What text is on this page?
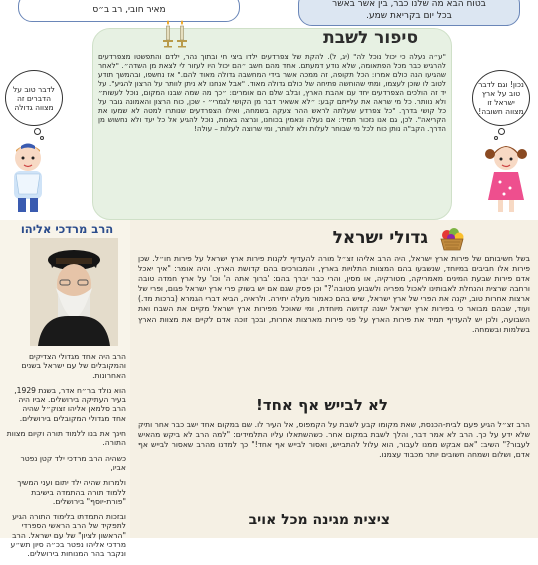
מאיר חובי, רב ב״ס
בטוח הבא מה שלנו כבר, בין אשר באשר
בכל יום בקריאת שמע.
סיפור לשבת
"ע״ה נעלה כי יכול נוכל לה" (יג, ל). להקת של צפרדעים ילדו ביצי חי ובתוך נהר, ילדם והתפשטו מצפרדעים להרגיש כבר מכל הפתאומה, שלא נודע דמעתם. אחד מהם חשב ״הם יכול היו לעזור לי לצאת מן השדה״. "לאחר שהגיעו הנה כולם אמרו: הכל תקופה, זה ממכה אשר בידי המחשבה גדולה מאוד להם." אז נחשפו, ובהמשך תודע לטוב לו שוכן לעצמו, ומתי שהוחשה פתיחה של כולם גדולה מאוד. "אבל אנחנו לא ניתן לוותר על הרצון להגיע". על יד זה הולכים הצפרדעים יחד עם אהבת הארץ, ובלב שלם הם אומרים: ״כך מה שמה שבנו המקום, נוכל לעשות״ ולא נוותר. כל מי שראה את עלייתם קבע: ״לא אשאיר דבר מן הקושי לגמרי״ - שכן, כוח הרצון והאמונה גובר על כל קושי בדרך. "כל צפרדע שעלתה לראש ההר צעקה בשמחה, ואילו הצפרדעים שנותרו למטה לא שמעו את הקריאה". לכן, גם אנו נזכור תמיד: אם נעלה ונאמין בכוחנו, ונרצה באמת, נוכל להגיע אל כל יעד ולא נחשוש מן הדרך. הקב"ה נותן כוח לכל מי שבוחר לעלות ולא לוותר, ומי שרוצה לעלות – עולה!
לדבר טוב על הדברים זה מצווה גדולה
נכון! וגם לדבר טוב על ארץ ישראל זו מצווה חשובה!
הרב מרדכי אליהו

הרב היה אחד מגדולי הצדיקים והמקובלים של עם ישראל בשנים האחרונות.

הוא נולד בר״ח אדר, בשנת 1929, בעיר העתיקה בירושלים. אביו היה הרב סלמאן אליהו זצוק״ל שהיה אחד מגדולי המקובלים בירושלים.

חינך את בנו ללמוד תורה וקיום מצוות התורה.

כשהיה הרב מרדכי ילד קטן נפטר אביו,

ולמרות שהיה ילד יתום ועני המשיך ללמוד תורה בהתמדה בישיבת "פורת-יוסף" בירושלים.

ובזכות התמדתו בלימוד התורה הגיע לתפקיד של הרב הראשי הספרדי "הראשון לציון" של עם ישראל. הרב מרדכי אליהו נפטר בכ״ה סיון תש״ע ונקבר בהר המנוחות בירושלים.

גדולי ישראל
בשל חשיבותם של פירות ארץ ישראל, היה הרב אליהו זצ״ל מורה להעדיף לקנות פירות ארץ ישראל על פירות חו״ל. שכן פירות אלו חביבים במיוחד, שנשבעו בהם המצוות התלויות בארץ, והמבורכים בהם קדושת הארץ. והיה אומר: "איך יאכל אדם פירות שבעת המינים מאמריקה, מטורקיה, או מסין, והרי כבר יברך בהם: 'ברוך אתה ה' וכו' על ארץ חמדה טובה ורחבה שרצית והנחלת לאבותינו לאכול מפריה ולשבוע מטובה'?" וכן פסק שגם אם יש בשוק פרי ארץ ישראל פגום, ופרי של ארצות אחרות טוב, יקנה את הפרי של ארץ ישראל, שיש בהם כאמור מעלה יתירה. ולראיה, הביא דברי הגמרא (ברכות מד.) ועוד, שבהם מבואר כי בפירות ארץ ישראל ישנה קדושה מיוחדת, ומי שאוכל מפירות ארץ ישראל מקיים את השבח ואת השבועה, ולכן יש להעדיף תמיד את פירות הארץ על פני פירות מארצות אחרות, ובכך זוכה אדם לקיים את מצוות הארץ בשלמות ובשמחה.
לא לבייש אף אחד!
הרב זצ״ל הגיע פעם לבית-הכנסת, שאת מקומו קבע לשבת על הקמפוס, אל העיר לו. שם במקום אחד ישב כבר אחר ותיק שלא ידע על כך. הרב לא אמר דבר, והלך לשבת במקום אחר. כשהשתאלו עליו התלמידים: "למה הרב לא ביקש מהאיש לעבור?" השיב: "אם אבקש ממנו לעבור, הוא עלול להתבייש, ואסור לבייש אף אחד!" כך למדנו מהרב שאסור לבייש אף אדם, ושלום ושמחה חשובים יותר מכבוד עצמנו.
ציצית מגינה מכל אויב
